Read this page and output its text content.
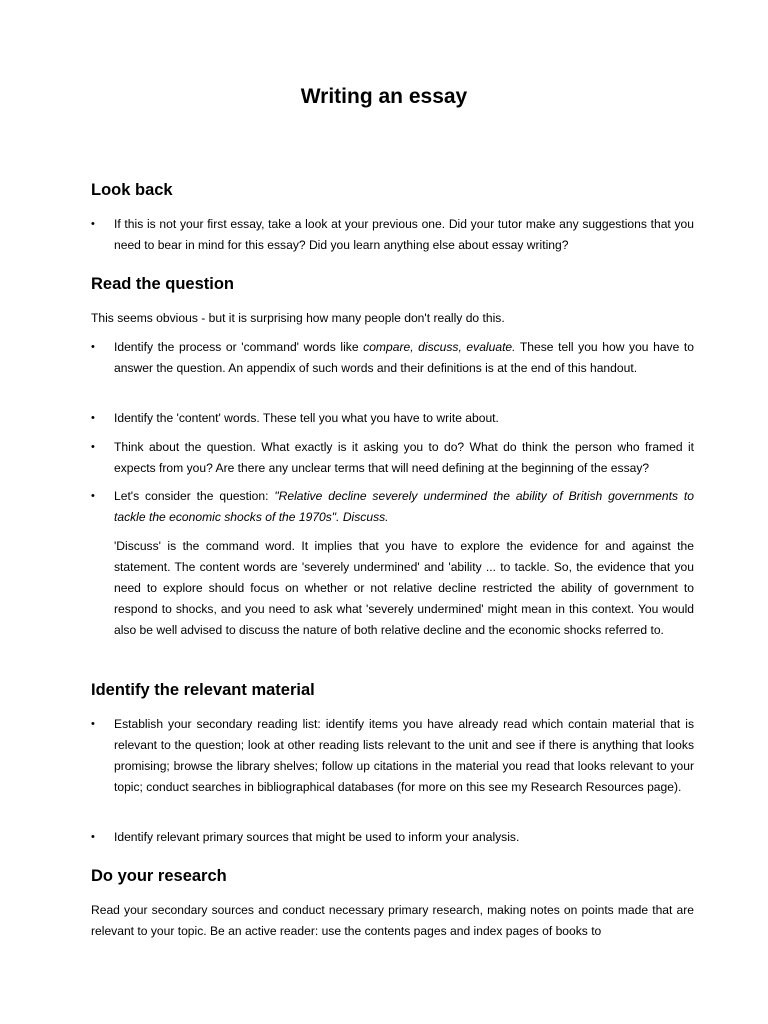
Writing an essay
Look back
•	If this is not your first essay, take a look at your previous one. Did your tutor make any suggestions that you need to bear in mind for this essay? Did you learn anything else about essay writing?
Read the question
This seems obvious - but it is surprising how many people don't really do this.
•	Identify the process or 'command' words like compare, discuss, evaluate. These tell you how you have to answer the question. An appendix of such words and their definitions is at the end of this handout.
•	Identify the 'content' words. These tell you what you have to write about.
•	Think about the question. What exactly is it asking you to do? What do think the person who framed it expects from you? Are there any unclear terms that will need defining at the beginning of the essay?
•	Let's consider the question: "Relative decline severely undermined the ability of British governments to tackle the economic shocks of the 1970s". Discuss.
'Discuss' is the command word. It implies that you have to explore the evidence for and against the statement. The content words are 'severely undermined' and 'ability ... to tackle. So, the evidence that you need to explore should focus on whether or not relative decline restricted the ability of government to respond to shocks, and you need to ask what 'severely undermined' might mean in this context. You would also be well advised to discuss the nature of both relative decline and the economic shocks referred to.
Identify the relevant material
•	Establish your secondary reading list: identify items you have already read which contain material that is relevant to the question; look at other reading lists relevant to the unit and see if there is anything that looks promising; browse the library shelves; follow up citations in the material you read that looks relevant to your topic; conduct searches in bibliographical databases (for more on this see my Research Resources page).
•	Identify relevant primary sources that might be used to inform your analysis.
Do your research
Read your secondary sources and conduct necessary primary research, making notes on points made that are relevant to your topic. Be an active reader: use the contents pages and index pages of books to
